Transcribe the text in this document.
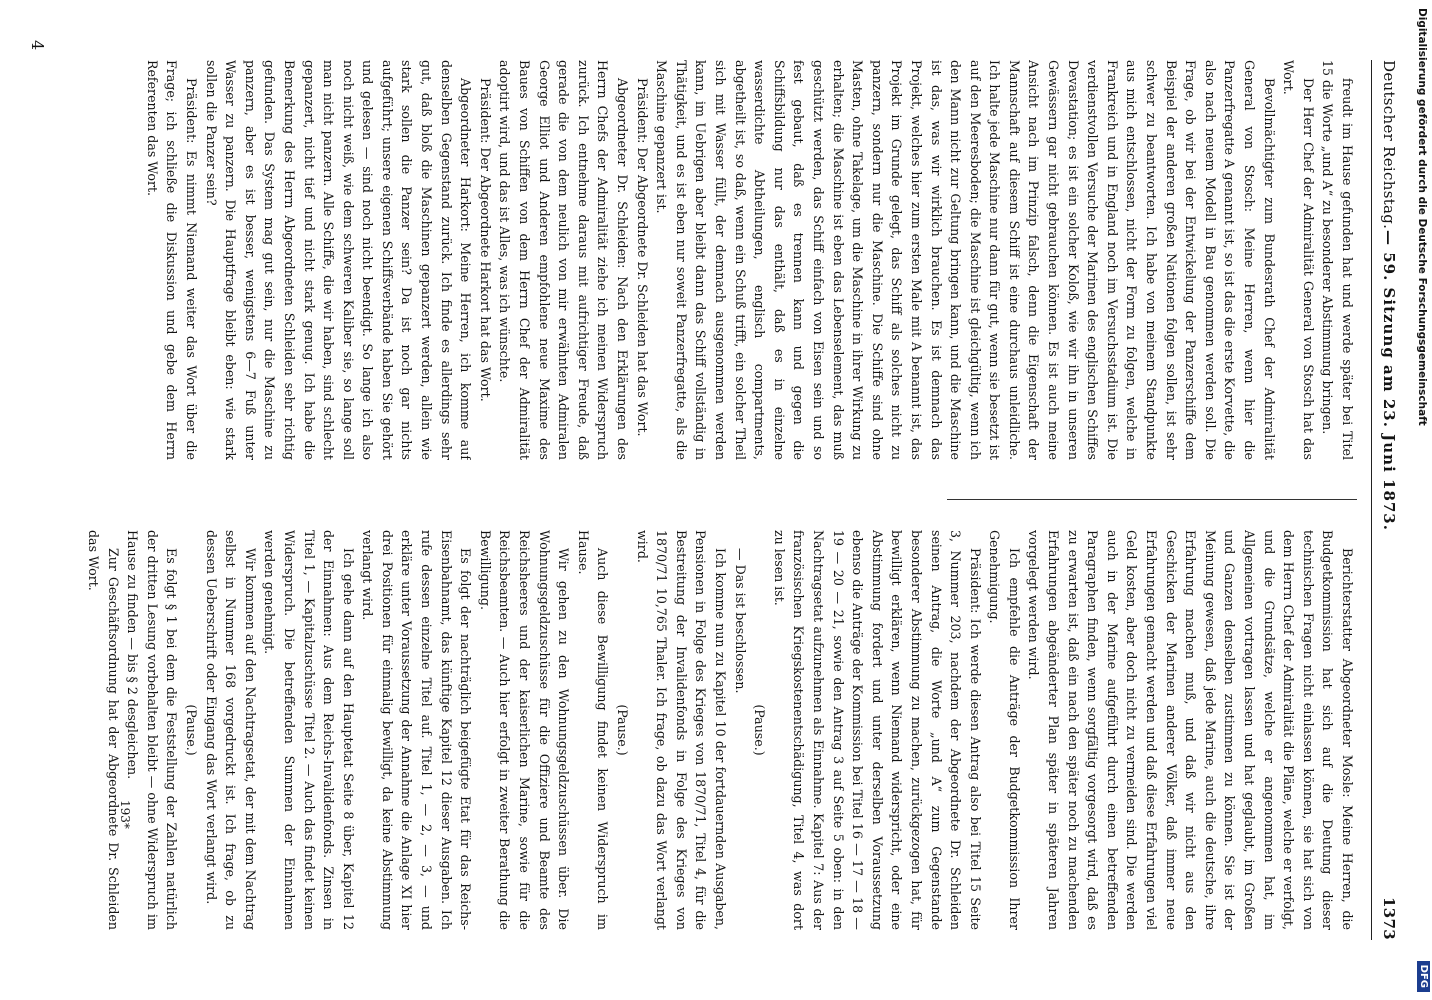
Deutscher Reichstag.
— 59. Sitzung am 23. Juni 1873.
1373

freudt im Hause gefunden hat und werde später bei Titel 15 die Worte „und A“ zu besonderer Abstimmung bringen.

Der Herr Chef der Admiralität General von Stosch hat das Wort.

Bevollmächtigter zum Bundesrath Chef der Admiralität General von Stosch: Meine Herren, wenn hier die Panzerfregatte A genannt ist, so ist das die erste Korvette, die also nach neuem Modell in Bau genommen werden soll. Die Frage, ob wir bei der Entwickelung der Panzerschiffe dem Beispiel der anderen großen Nationen folgen sollen, ist sehr schwer zu beantworten. Ich habe von meinem Standpunkte aus mich entschlossen, nicht der Form zu folgen, welche in Frankreich und in England noch im Versuchsstadium ist. Die verdienstvollen Versuche der Marinen des englischen Schiffes Devastation; es ist ein solcher Koloß, wie wir ihn in unseren Gewässern gar nicht gebrauchen können. Es ist auch meine Ansicht nach im Prinzip falsch, denn die Eigenschaft der Mannschaft auf diesem Schiff ist eine durchaus unleidliche. Ich halte jede Maschine nur dann für gut, wenn sie besetzt ist auf den Meeresboden; die Maschine ist gleichgültig, wenn ich den Mann nicht zur Geltung bringen kann, und die Maschine ist das, was wir wirklich brauchen. Es ist demnach das Projekt, welches hier zum ersten Male mit A benannt ist, das Projekt im Grunde gelegt, das Schiff als solches nicht zu panzern, sondern nur die Maschine. Die Schiffe sind ohne Masten, ohne Takelage, um die Maschine in ihrer Wirkung zu erhalten; die Maschine ist eben das Lebenselement, das muß geschützt werden, das Schiff einfach von Eisen sein und so fest gebaut, daß es trennen kann und gegen die Schiffsbildung nur das enthält, daß es in einzelne wasserdichte Abtheilungen, englisch compartments, abgetheilt ist, so daß, wenn ein Schuß trifft, ein solcher Theil sich mit Wasser füllt, der demnach ausgenommen werden kann, im Uebrigen aber bleibt dann das Schiff vollständig in Thätigkeit, und es ist eben nur soweit Panzerfregatte, als die Maschine gepanzert ist.

Präsident: Der Abgeordnete Dr. Schleiden hat das Wort.

Abgeordneter Dr. Schleiden: Nach den Erklärungen des Herrn Chefs der Admiralität ziehe ich meinen Widerspruch zurück. Ich entnehme daraus mit aufrichtiger Freude, daß gerade die von dem neulich von mir erwähnten Admiralen George Elliot und Anderen empfohlene neue Maxime des Baues von Schiffen von dem Herrn Chef der Admiralität adoptirt wird, und das ist Alles, was ich wünschte.

Präsident: Der Abgeordnete Harkort hat das Wort.

Abgeordneter Harkort: Meine Herren, ich komme auf denselben Gegenstand zurück. Ich finde es allerdings sehr gut, daß bloß die Maschinen gepanzert werden, allein wie stark sollen die Panzer sein? Da ist noch gar nichts aufgeführt; unsere eigenen Schiffsverbände haben Sie gehört und gelesen — sind noch nicht beendigt. So lange ich also noch nicht weiß, wie dem schweren Kaliber sie, so lange soll man nicht panzern. Alle Schiffe, die wir haben, sind schlecht gepanzert, nicht tief und nicht stark genug. Ich habe die Bemerkung des Herrn Abgeordneten Schleiden sehr richtig gefunden. Das System mag gut sein, nur die Maschine zu panzern, aber es ist besser, wenigstens 6—7 Fuß unter Wasser zu panzern. Die Hauptfrage bleibt eben: wie stark sollen die Panzer sein?

Präsident: Es nimmt Niemand weiter das Wort über die Frage; ich schließe die Diskussion und gebe dem Herrn Referenten das Wort.

Berichterstatter Abgeordneter Mosle: Meine Herren, die Budgetkommission hat sich auf die Deutung dieser technischen Fragen nicht einlassen können, sie hat sich von dem Herrn Chef der Admiralität die Pläne, welche er verfolgt, und die Grundsätze, welche er angenommen hat, im Allgemeinen vortragen lassen und hat geglaubt, im Großen und Ganzen denselben zustimmen zu können. Sie ist der Meinung gewesen, daß jede Marine, auch die deutsche, ihre Erfahrung machen muß, und daß wir nicht aus den Geschicken der Marinen anderer Völker, daß immer neue Erfahrungen gemacht werden und daß diese Erfahrungen viel Geld kosten, aber doch nicht zu vermeiden sind. Die werden auch in der Marine aufgeführt durch einen betreffenden Paragraphen finden, wenn sorgfältig vorgesorgt wird, daß es zu erwarten ist, daß ein nach den später noch zu machenden Erfahrungen abgeänderter Plan später in späteren Jahren vorgelegt werden wird.

Ich empfehle die Anträge der Budgetkommission Ihrer Genehmigung.

Präsident: Ich werde diesen Antrag also bei Titel 15 Seite 3, Nummer 203, nachdem der Abgeordnete Dr. Schleiden seinen Antrag, die Worte „und A“ zum Gegenstande besonderer Abstimmung zu machen, zurückgezogen hat, für bewilligt erklären, wenn Niemand widerspricht, oder eine Abstimmung fordert und unter derselben Voraussetzung ebenso die Anträge der Kommission bei Titel 16 — 17 — 18 — 19 — 20 — 21, sowie den Antrag 3 auf Seite 5 oben: in den Nachtragsetat aufzunehmen als Einnahme. Kapitel 7: Aus der französischen Kriegskostenentschädigung, Titel 4, was dort zu lesen ist.

(Pause.)

— Das ist beschlossen.

Ich komme nun zu Kapitel 10 der fortdauernden Ausgaben, Pensionen in Folge des Krieges von 1870/71, Titel 4, für die Bestreitung der Invalidenfonds in Folge des Krieges von 1870/71 10,765 Thaler. Ich frage, ob dazu das Wort verlangt wird.

(Pause.)

Auch diese Bewilligung findet keinen Widerspruch im Hause.

Wir gehen zu den Wohnungsgeldzuschüssen über. Die Wohnungsgeldzuschüsse für die Offiziere und Beamte des Reichsheeres und der kaiserlichen Marine, sowie für die Reichsbeamten. — Auch hier erfolgt in zweiter Berathung die Bewilligung.

Es folgt der nachträglich beigefügte Etat für das Reichs-Eisenbahnamt, das künftige Kapitel 12 dieser Ausgaben. Ich rufe dessen einzelne Titel auf. Titel 1, — 2, — 3, — und erkläre unter Voraussetzung der Annahme die Anlage XI hier drei Positionen für einmalig bewilligt, da keine Abstimmung verlangt wird.

Ich gehe dann auf den Hauptetat Seite 8 über, Kapitel 12 der Einnahmen: Aus dem Reichs-Invalidenfonds. Zinsen in Titel 1, — Kapitalzuschüsse Titel 2. — Auch das findet keinen Widerspruch. Die betreffenden Summen der Einnahmen werden genehmigt.

Wir kommen auf den Nachtragsetat, der mit dem Nachtrag selbst in Nummer 168 vorgedruckt ist. Ich frage, ob zu dessen Ueberschrift oder Eingang das Wort verlangt wird.

(Pause.)

Es folgt § 1 bei dem die Feststellung der Zahlen natürlich der dritten Lesung vorbehalten bleibt — ohne Widerspruch im Hause zu finden — bis § 2 desgleichen.

Zur Geschäftsordnung hat der Abgeordnete Dr. Schleiden das Wort.

193*
4	Digitalisierung gefördert durch die Deutsche Forschungsgemeinschaft
DFG
